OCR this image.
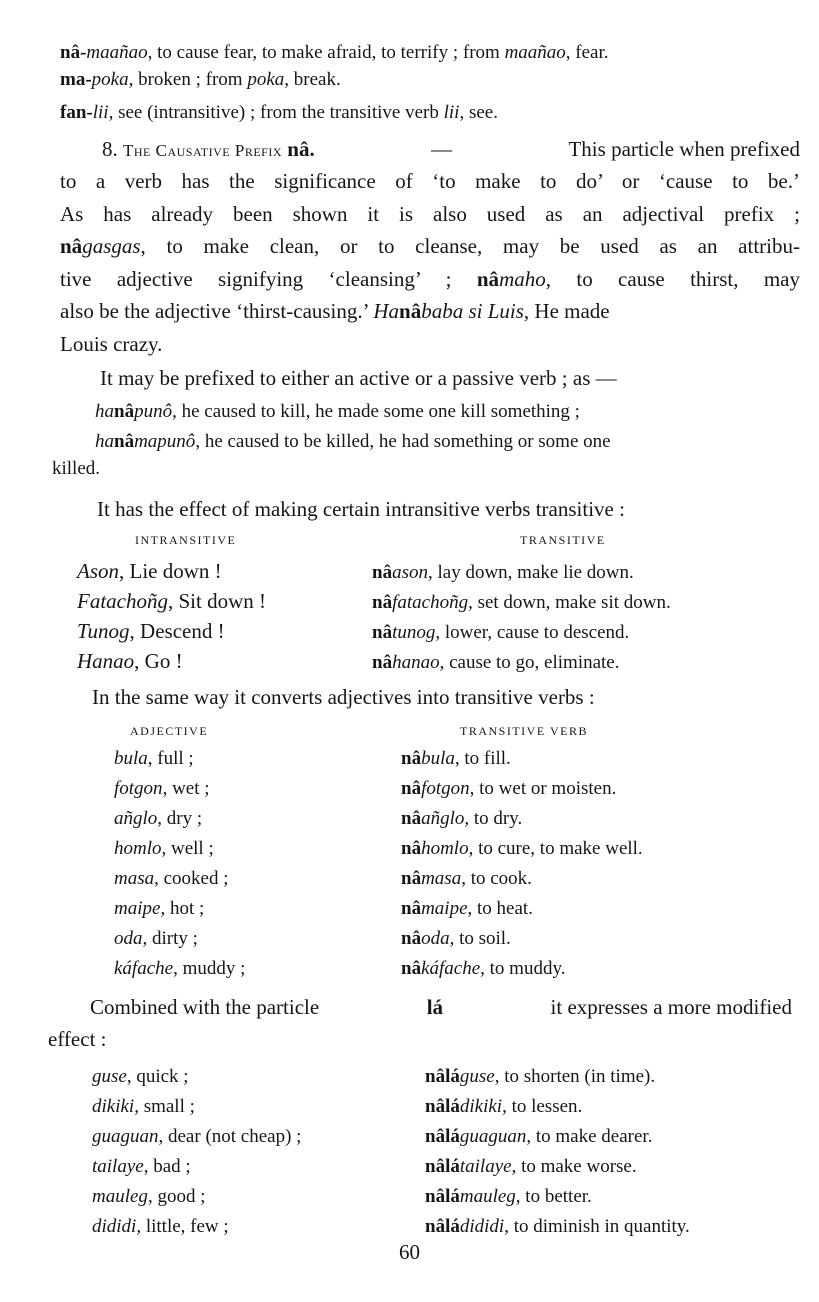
nâ-maañao, to cause fear, to make afraid, to terrify ; from maañao, fear.
ma-poka, broken ; from poka, break.
fan-lii, see (intransitive) ; from the transitive verb lii, see.
8. The Causative Prefix nâ.	—	This particle when prefixed
to a verb has the significance of ‘to make to do’ or ‘cause to be.’
As has already been shown it is also used as an adjectival prefix ;
nâgasgas, to make clean, or to cleanse, may be used as an attribu-
tive adjective signifying ‘cleansing’ ; nâmaho, to cause thirst, may
also be the adjective ‘thirst-causing.’ Hanâbaba si Luis, He made
Louis crazy.
It may be prefixed to either an active or a passive verb ; as —
hanâpunô, he caused to kill, he made some one kill something ;
hanâmapunô, he caused to be killed, he had something or some one
killed.
It has the effect of making certain intransitive verbs transitive :
INTRANSITIVE	TRANSITIVE
Ason, Lie down !	nâason, lay down, make lie down.
Fatachoñg, Sit down !	nâfatachoñg, set down, make sit down.
Tunog, Descend !	nâtunog, lower, cause to descend.
Hanao, Go !	nâhanao, cause to go, eliminate.
In the same way it converts adjectives into transitive verbs :
ADJECTIVE	TRANSITIVE VERB
bula, full ;	nâbula, to fill.
fotgon, wet ;	nâfotgon, to wet or moisten.
añglo, dry ;	nâañglo, to dry.
homlo, well ;	nâhomlo, to cure, to make well.
masa, cooked ;	nâmasa, to cook.
maipe, hot ;	nâmaipe, to heat.
oda, dirty ;	nâoda, to soil.
káfache, muddy ;	nâkáfache, to muddy.
Combined with the particle	lá	it expresses a more modified
effect :
guse, quick ;	nâláguse, to shorten (in time).
dikiki, small ;	nâládikiki, to lessen.
guaguan, dear (not cheap) ;	nâláguaguan, to make dearer.
tailaye, bad ;	nâlátailaye, to make worse.
mauleg, good ;	nâlámauleg, to better.
dididi, little, few ;	nâládididi, to diminish in quantity.
60
